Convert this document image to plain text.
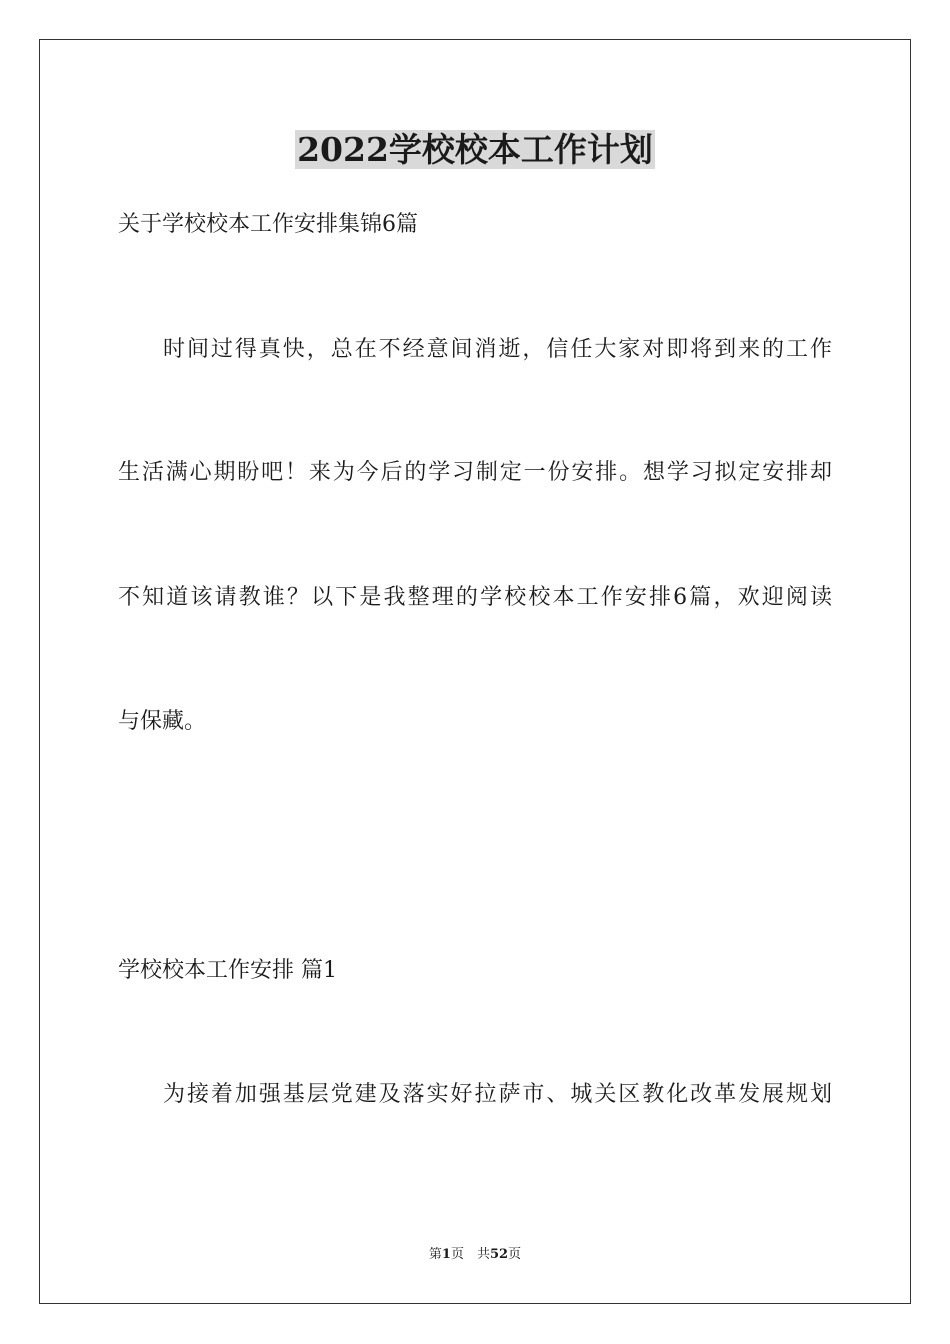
2022学校校本工作计划
关于学校校本工作安排集锦6篇
时间过得真快，总在不经意间消逝，信任大家对即将到来的工作
生活满心期盼吧！来为今后的学习制定一份安排。想学习拟定安排却
不知道该请教谁？以下是我整理的学校校本工作安排6篇，欢迎阅读
与保藏。
学校校本工作安排 篇1
为接着加强基层党建及落实好拉萨市、城关区教化改革发展规划
第1页　共52页
